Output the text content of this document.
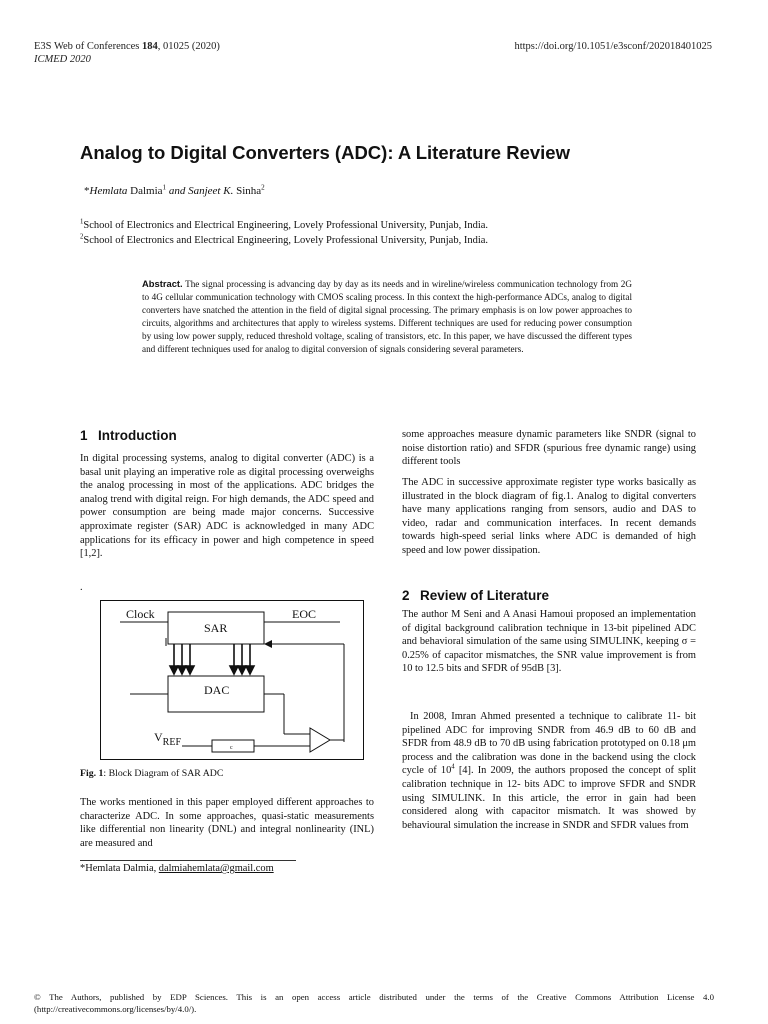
E3S Web of Conferences 184, 01025 (2020)
ICMED 2020
https://doi.org/10.1051/e3sconf/202018401025
Analog to Digital Converters (ADC): A Literature Review
*Hemlata Dalmia$^1$ and Sanjeet K. Sinha$^2$
$^1$School of Electronics and Electrical Engineering, Lovely Professional University, Punjab, India.
$^2$School of Electronics and Electrical Engineering, Lovely Professional University, Punjab, India.
Abstract. The signal processing is advancing day by day as its needs and in wireline/wireless communication technology from 2G to 4G cellular communication technology with CMOS scaling process. In this context the high-performance ADCs, analog to digital converters have snatched the attention in the field of digital signal processing. The primary emphasis is on low power approaches to circuits, algorithms and architectures that apply to wireless systems. Different techniques are used for reducing power consumption by using low power supply, reduced threshold voltage, scaling of transistors, etc. In this paper, we have discussed the different types and different techniques used for analog to digital conversion of signals considering several parameters.
1 Introduction

In digital processing systems, analog to digital converter (ADC) is a basal unit playing an imperative role as digital processing overweighs the analog processing in most of the applications. ADC bridges the analog trend with digital reign. For high demands, the ADC speed and power consumption are being made major concerns. Successive approximate register (SAR) ADC is acknowledged in many ADC applications for its efficacy in power and high competence in speed [1,2].

.
Clock	EOC
SAR
DAC
$V_{REF}$	c
Fig. 1: Block Diagram of SAR ADC

The works mentioned in this paper employed different approaches to characterize ADC. In some approaches, quasi-static measurements like differential non linearity (DNL) and integral nonlinearity (INL) are measured and

*Hemlata Dalmia, dalmiahemlata@gmail.com

some approaches measure dynamic parameters like SNDR (signal to noise distortion ratio) and SFDR (spurious free dynamic range) using different tools

The ADC in successive approximate register type works basically as illustrated in the block diagram of fig.1. Analog to digital converters have many applications ranging from sensors, audio and DAS to video, radar and communication interfaces. In recent demands towards high-speed serial links where ADC is demanded of high speed and low power dissipation.

2 Review of Literature

The author M Seni and A Anasi Hamoui proposed an implementation of digital background calibration technique in 13-bit pipelined ADC and behavioral simulation of the same using SIMULINK, keeping σ = 0.25% of capacitor mismatches, the SNR value improvement is from 10 to 12.5 bits and SFDR of 95dB [3].

In 2008, Imran Ahmed presented a technique to calibrate 11- bit pipelined ADC for improving SNDR from 46.9 dB to 60 dB and SFDR from 48.9 dB to 70 dB using fabrication prototyped on 0.18 μm process and the calibration was done in the backend using the clock cycle of $10^4$ [4]. In 2009, the authors proposed the concept of split calibration technique in 12- bits ADC to improve SFDR and SNDR using SIMULINK. In this article, the error in gain had been considered along with capacitor mismatch. It was showed by behavioural simulation the increase in SNDR and SFDR values from

© The Authors, published by EDP Sciences. This is an open access article distributed under the terms of the Creative Commons Attribution License 4.0 (http://creativecommons.org/licenses/by/4.0/).
